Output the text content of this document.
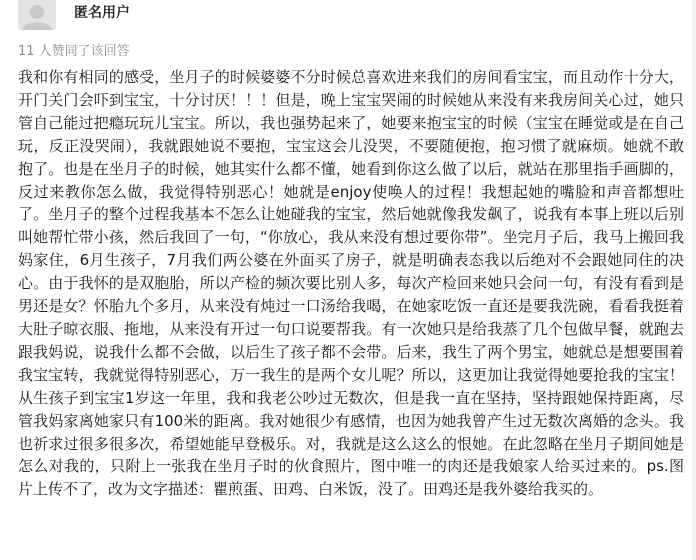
匿名用户
11 人赞同了该回答

我和你有相同的感受，坐月子的时候婆婆不分时候总喜欢进来我们的房间看宝宝，而且动作十分大，开门关门会吓到宝宝，十分讨厌！！！但是，晚上宝宝哭闹的时候她从来没有来我房间关心过，她只管自己能过把瘾玩玩儿宝宝。所以，我也强势起来了，她要来抱宝宝的时候（宝宝在睡觉或是在自己玩，反正没哭闹），我就跟她说不要抱，宝宝这会儿没哭，不要随便抱，抱习惯了就麻烦。她就不敢抱了。也是在坐月子的时候，她其实什么都不懂，她看到你这么做了以后，就站在那里指手画脚的，反过来教你怎么做，我觉得特别恶心！她就是enjoy使唤人的过程！我想起她的嘴脸和声音都想吐了。坐月子的整个过程我基本不怎么让她碰我的宝宝，然后她就像我发飙了，说我有本事上班以后别叫她帮忙带小孩，然后我回了一句，“你放心，我从来没有想过要你带”。坐完月子后，我马上搬回我妈家住，6月生孩子，7月我们两公婆在外面买了房子，就是明确表态我以后绝对不会跟她同住的决心。由于我怀的是双胞胎，所以产检的频次要比别人多，每次产检回来她只会问一句，有没有看到是男还是女？怀胎九个多月，从来没有炖过一口汤给我喝，在她家吃饭一直还是要我洗碗，看看我挺着大肚子晾衣服、拖地，从来没有开过一句口说要帮我。有一次她只是给我蒸了几个包做早餐，就跑去跟我妈说，说我什么都不会做，以后生了孩子都不会带。后来，我生了两个男宝，她就总是想要围着我宝宝转，我就觉得特别恶心，万一我生的是两个女儿呢？所以，这更加让我觉得她要抢我的宝宝！从生孩子到宝宝1岁这一年里，我和我老公吵过无数次，但是我一直在坚持，坚持跟她保持距离，尽管我妈家离她家只有100米的距离。我对她很少有感情，也因为她我曾产生过无数次离婚的念头。我也祈求过很多很多次，希望她能早登极乐。对，我就是这么这么的恨她。在此忽略在坐月子期间她是怎么对我的，只附上一张我在坐月子时的伙食照片，图中唯一的肉还是我娘家人给买过来的。ps.图片上传不了，改为文字描述：瞿煎蛋、田鸡、白米饭，没了。田鸡还是我外婆给我买的。
